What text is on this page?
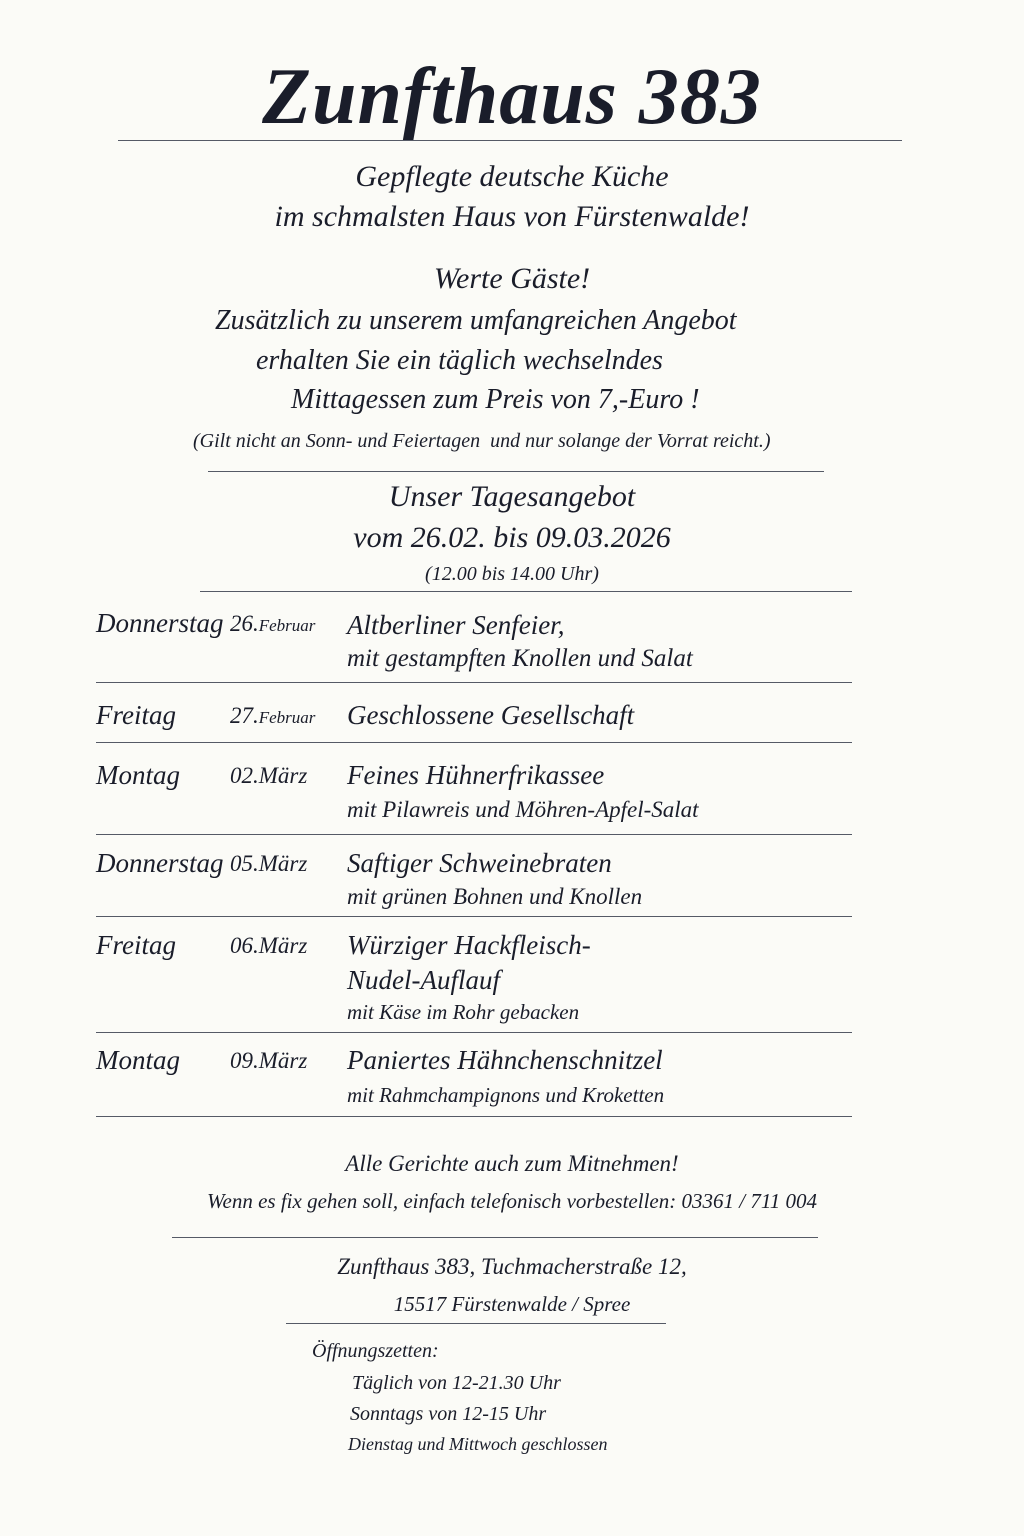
Zunfthaus 383
Gepflegte deutsche Küche
im schmalsten Haus von Fürstenwalde!
Werte Gäste!
Zusätzlich zu unserem umfangreichen Angebot
erhalten Sie ein täglich wechselndes
Mittagessen zum Preis von 7,-Euro !
(Gilt nicht an Sonn- und Feiertagen  und nur solange der Vorrat reicht.)
Unser Tagesangebot
vom 26.02. bis 09.03.2026
(12.00 bis 14.00 Uhr)
Donnerstag 26.Februar Altberliner Senfeier,
mit gestampften Knollen und Salat
Freitag 27.Februar Geschlossene Gesellschaft
Montag 02.März Feines Hühnerfrikassee
mit Pilawreis und Möhren-Apfel-Salat
Donnerstag 05.März Saftiger Schweinebraten
mit grünen Bohnen und Knollen
Freitag 06.März Würziger Hackfleisch-
Nudel-Auflauf
mit Käse im Rohr gebacken
Montag 09.März Paniertes Hähnchenschnitzel
mit Rahmchampignons und Kroketten
Alle Gerichte auch zum Mitnehmen!
Wenn es fix gehen soll, einfach telefonisch vorbestellen: 03361 / 711 004
Zunfthaus 383, Tuchmacherstraße 12,
15517 Fürstenwalde / Spree
Öffnungszetten:
Täglich von 12-21.30 Uhr
Sonntags von 12-15 Uhr
Dienstag und Mittwoch geschlossen
